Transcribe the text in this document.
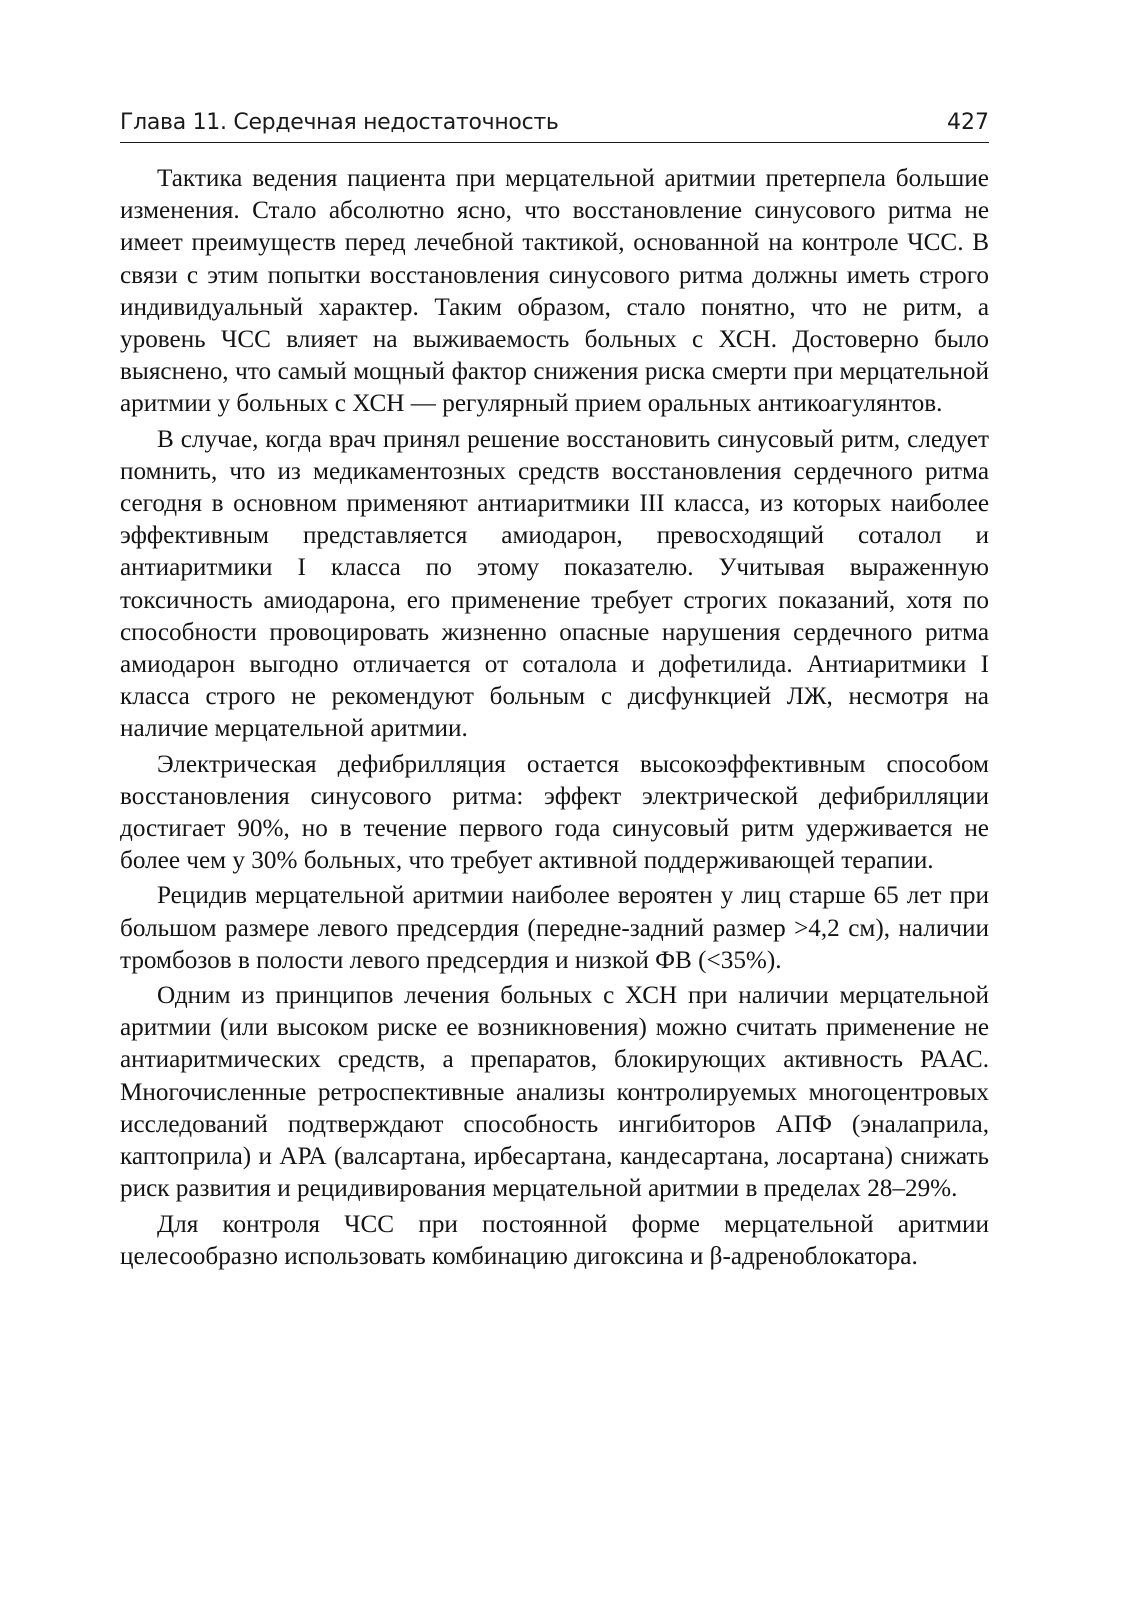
Глава 11. Сердечная недостаточность	427

Тактика ведения пациента при мерцательной аритмии претерпела большие изменения. Стало абсолютно ясно, что восстановление синусового ритма не имеет преимуществ перед лечебной тактикой, основанной на контроле ЧСС. В связи с этим попытки восстановления синусового ритма должны иметь строго индивидуальный характер. Таким образом, стало понятно, что не ритм, а уровень ЧСС влияет на выживаемость больных с ХСН. Достоверно было выяснено, что самый мощный фактор снижения риска смерти при мерцательной аритмии у больных с ХСН — регулярный прием оральных антикоагулянтов.

В случае, когда врач принял решение восстановить синусовый ритм, следует помнить, что из медикаментозных средств восстановления сердечного ритма сегодня в основном применяют антиаритмики III класса, из которых наиболее эффективным представляется амиодарон, превосходящий соталол и антиаритмики I класса по этому показателю. Учитывая выраженную токсичность амиодарона, его применение требует строгих показаний, хотя по способности провоцировать жизненно опасные нарушения сердечного ритма амиодарон выгодно отличается от соталола и дофетилида. Антиаритмики I класса строго не рекомендуют больным с дисфункцией ЛЖ, несмотря на наличие мерцательной аритмии.

Электрическая дефибрилляция остается высокоэффективным способом восстановления синусового ритма: эффект электрической дефибрилляции достигает 90%, но в течение первого года синусовый ритм удерживается не более чем у 30% больных, что требует активной поддерживающей терапии.

Рецидив мерцательной аритмии наиболее вероятен у лиц старше 65 лет при большом размере левого предсердия (передне-задний размер >4,2 см), наличии тромбозов в полости левого предсердия и низкой ФВ (<35%).

Одним из принципов лечения больных с ХСН при наличии мерцательной аритмии (или высоком риске ее возникновения) можно считать применение не антиаритмических средств, а препаратов, блокирующих активность РААС. Многочисленные ретроспективные анализы контролируемых многоцентровых исследований подтверждают способность ингибиторов АПФ (эналаприла, каптоприла) и АРА (валсартана, ирбесартана, кандесартана, лосартана) снижать риск развития и рецидивирования мерцательной аритмии в пределах 28–29%.

Для контроля ЧСС при постоянной форме мерцательной аритмии целесообразно использовать комбинацию дигоксина и β-адреноблокатора.
